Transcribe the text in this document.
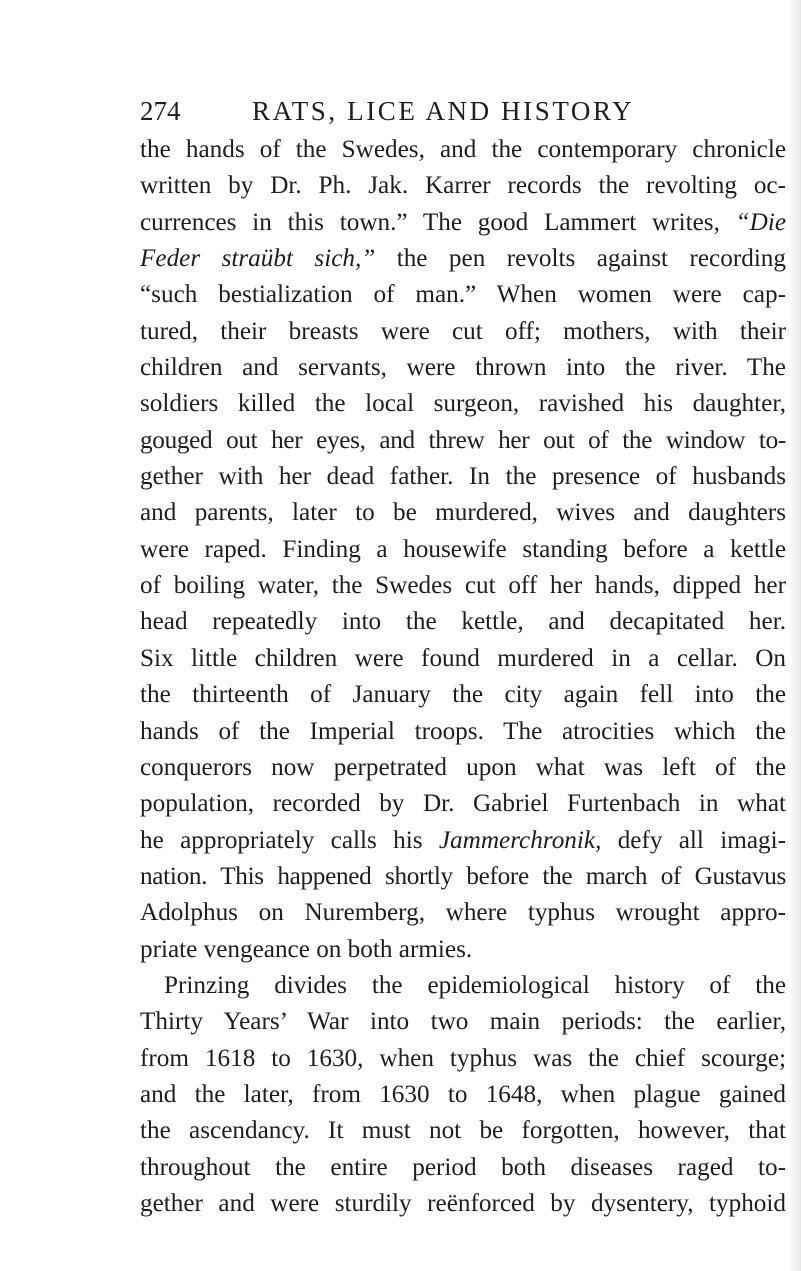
274	RATS, LICE AND HISTORY
the hands of the Swedes, and the contemporary chronicle
written by Dr. Ph. Jak. Karrer records the revolting oc-
currences in this town.” The good Lammert writes, “Die
Feder straübt sich,” the pen revolts against recording
“such bestialization of man.” When women were cap-
tured, their breasts were cut off; mothers, with their
children and servants, were thrown into the river. The
soldiers killed the local surgeon, ravished his daughter,
gouged out her eyes, and threw her out of the window to-
gether with her dead father. In the presence of husbands
and parents, later to be murdered, wives and daughters
were raped. Finding a housewife standing before a kettle
of boiling water, the Swedes cut off her hands, dipped her
head repeatedly into the kettle, and decapitated her.
Six little children were found murdered in a cellar. On
the thirteenth of January the city again fell into the
hands of the Imperial troops. The atrocities which the
conquerors now perpetrated upon what was left of the
population, recorded by Dr. Gabriel Furtenbach in what
he appropriately calls his Jammerchronik, defy all imagi-
nation. This happened shortly before the march of Gustavus
Adolphus on Nuremberg, where typhus wrought appro-
priate vengeance on both armies.
Prinzing divides the epidemiological history of the
Thirty Years’ War into two main periods: the earlier,
from 1618 to 1630, when typhus was the chief scourge;
and the later, from 1630 to 1648, when plague gained
the ascendancy. It must not be forgotten, however, that
throughout the entire period both diseases raged to-
gether and were sturdily reënforced by dysentery, typhoid
